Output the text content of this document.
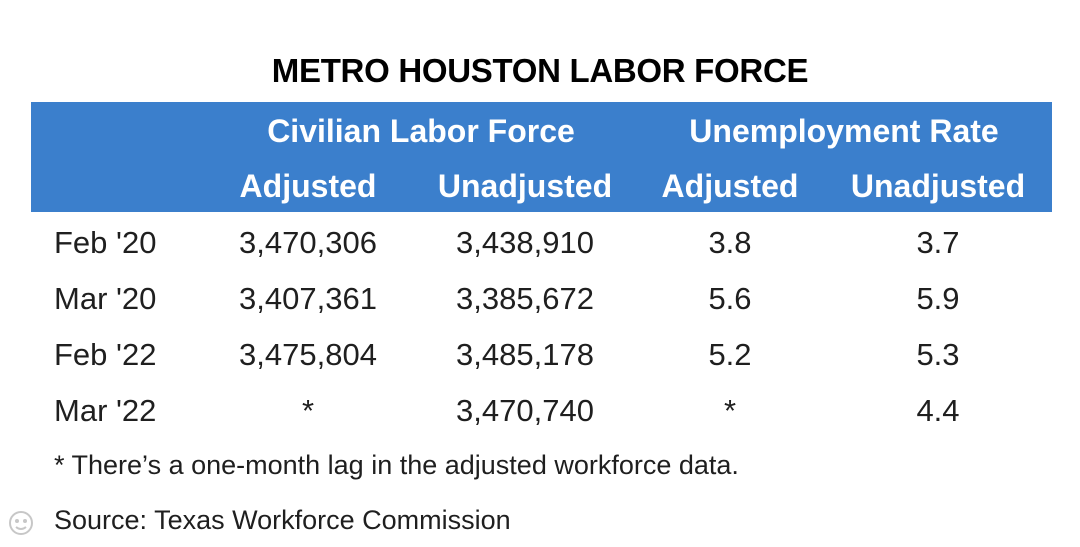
METRO HOUSTON LABOR FORCE
Civilian Labor Force	Unemployment Rate
Adjusted Unadjusted Adjusted Unadjusted
Feb '20	3,470,306	3,438,910	3.8	3.7
Mar '20	3,407,361	3,385,672	5.6	5.9
Feb '22	3,475,804	3,485,178	5.2	5.3
Mar '22	*	3,470,740	*	4.4
* There’s a one-month lag in the adjusted workforce data.
Source: Texas Workforce Commission
